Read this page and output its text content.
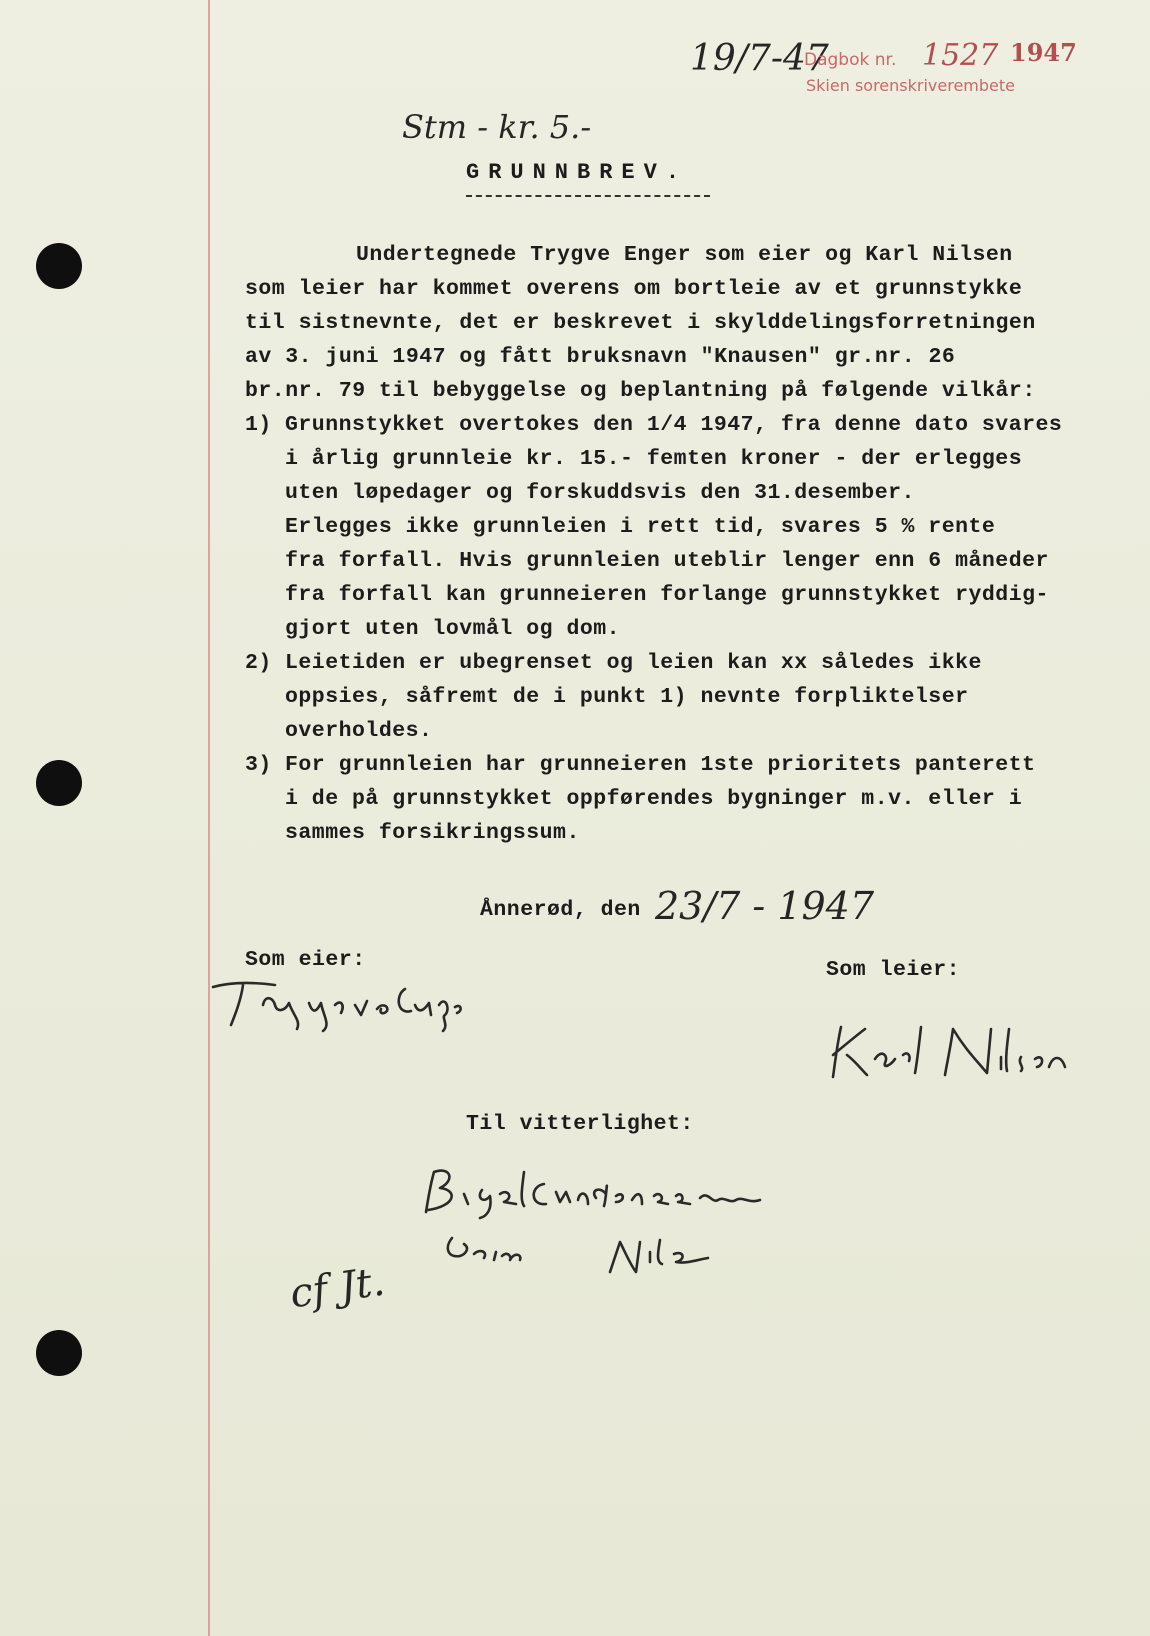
19/7-47
Dagbok nr. 1527 1947
Skien sorenskriverembete
Stm - kr. 5.-
GRUNNBREV.
Undertegnede Trygve Enger som eier og Karl Nilsen
som leier har kommet overens om bortleie av et grunnstykke
til sistnevnte, det er beskrevet i skylddelingsforretningen
av 3. juni 1947 og fått bruksnavn "Knausen" gr.nr. 26
br.nr. 79 til bebyggelse og beplantning på følgende vilkår:
1) Grunnstykket overtokes den 1/4 1947, fra denne dato svares
i årlig grunnleie kr. 15.- femten kroner - der erlegges
uten løpedager og forskuddsvis den 31.desember.
Erlegges ikke grunnleien i rett tid, svares 5 % rente
fra forfall. Hvis grunnleien uteblir lenger enn 6 måneder
fra forfall kan grunneieren forlange grunnstykket ryddig-
gjort uten lovmål og dom.
2) Leietiden er ubegrenset og leien kan xx således ikke
oppsies, såfremt de i punkt 1) nevnte forpliktelser
overholdes.
3) For grunnleien har grunneieren 1ste prioritets panterett
i de på grunnstykket oppførendes bygninger m.v. eller i
sammes forsikringssum.
Ånnerød, den 23/7 - 1947
Som eier:	Som leier:
Til vitterlighet:
cf Jt.
